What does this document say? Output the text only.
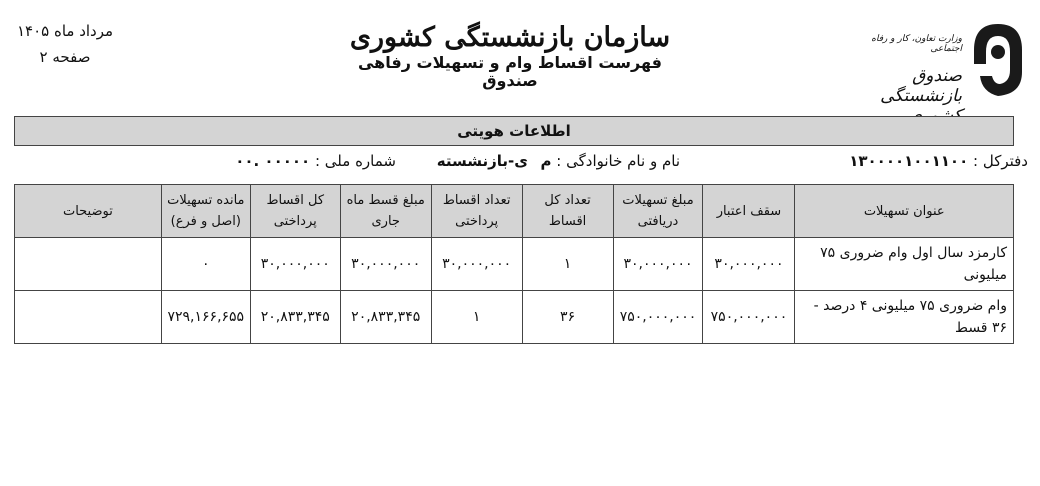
وزارت تعاون، کار و رفاه اجتماعی
صندوق بازنشستگی
سازمان بازنشستگی کشوری
فهرست اقساط وام و تسهیلات رفاهی صندوق
مرداد ماه ۱۴۰۵
صفحه ۲
اطلاعات هویتی
دفترکل : ۱۳۰۰۰۰۱۰۰۱۱۰۰
نام و نام خانوادگی : م
ی-بازنشسته
شماره ملی : ۰۰۰۰۰ .۰۰
عنوان تسهیلات	سقف اعتبار	مبلغ تسهیلات دریافتی	تعداد کل اقساط	تعداد اقساط پرداختی	مبلغ قسط ماه جاری	کل اقساط پرداختی	مانده تسهیلات (اصل و فرع)	توضیحات
کارمزد سال اول وام ضروری ۷۵ میلیونی	۳۰,۰۰۰,۰۰۰	۳۰,۰۰۰,۰۰۰	۱	۳۰,۰۰۰,۰۰۰	۳۰,۰۰۰,۰۰۰	۳۰,۰۰۰,۰۰۰	۰	
وام ضروری ۷۵ میلیونی ۴ درصد - ۳۶ قسط	۷۵۰,۰۰۰,۰۰۰	۷۵۰,۰۰۰,۰۰۰	۳۶	۱	۲۰,۸۳۳,۳۴۵	۲۰,۸۳۳,۳۴۵	۷۲۹,۱۶۶,۶۵۵	
